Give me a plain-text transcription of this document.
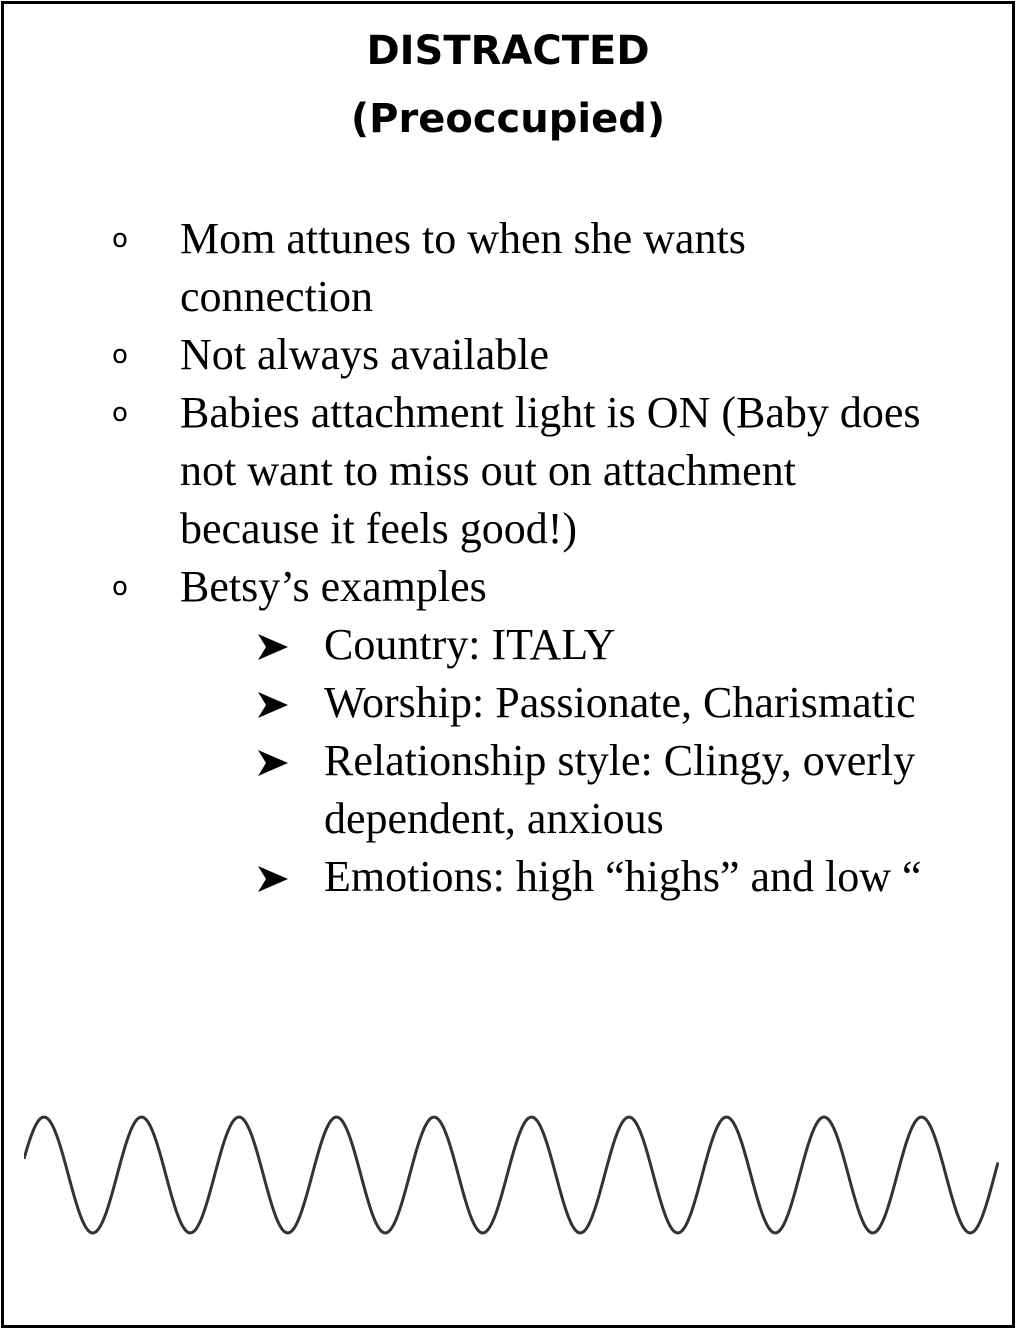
DISTRACTED
(Preoccupied)
o Mom attunes to when she wants
connection
o Not always available
o Babies attachment light is ON (Baby does
not want to miss out on attachment
because it feels good!)
o Betsy’s examples
Country: ITALY
Worship: Passionate, Charismatic
Relationship style: Clingy, overly
dependent, anxious
Emotions: high “highs” and low “
